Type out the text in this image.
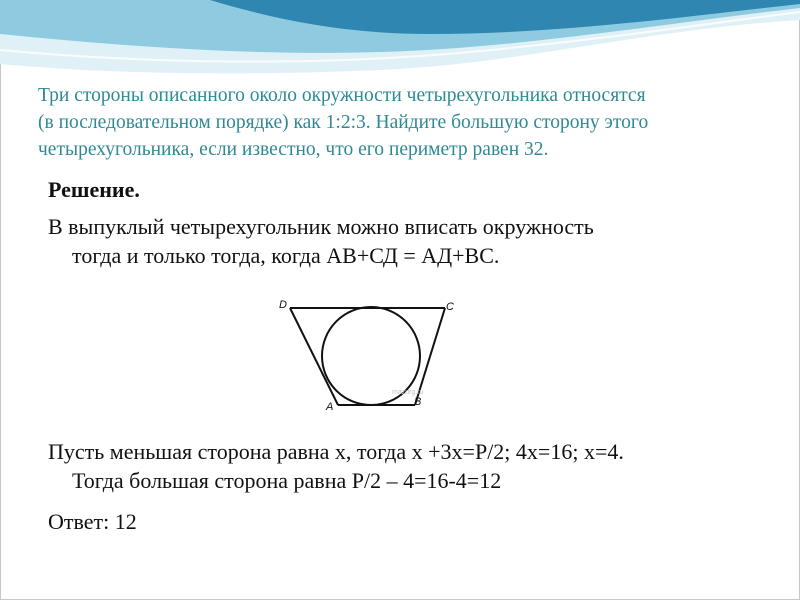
Три стороны описанного около окружности четырехугольника относятся
(в последовательном порядке) как 1:2:3. Найдите большую сторону этого
четырехугольника, если известно, что его периметр равен 32.
Решение.
В выпуклый четырехугольник можно вписать окружность
тогда и только тогда, когда АВ+СД = АД+ВС.
D	C
A	B
mazurg.ru
Пусть меньшая сторона равна х, тогда х +3х=Р/2; 4х=16; х=4.
Тогда большая сторона равна Р/2 – 4=16-4=12
Ответ: 12
